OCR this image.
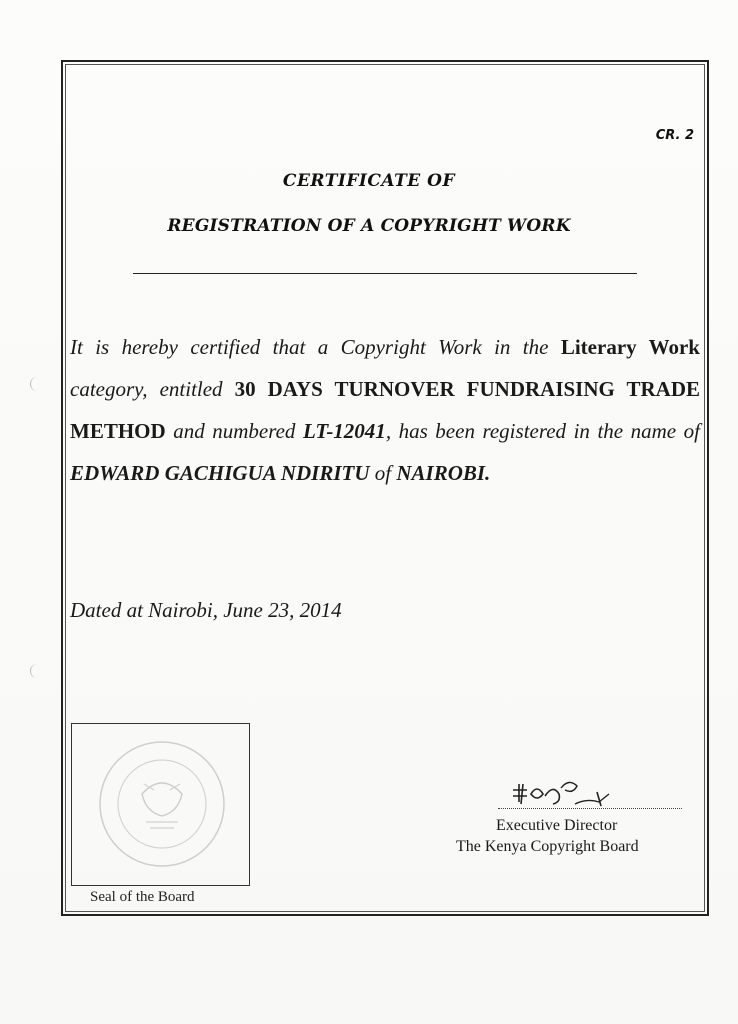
CR. 2
CERTIFICATE OF
REGISTRATION OF A COPYRIGHT WORK
It is hereby certified that a Copyright Work in the Literary Work category, entitled 30 DAYS TURNOVER FUNDRAISING TRADE METHOD and numbered LT-12041, has been registered in the name of EDWARD GACHIGUA NDIRITU of NAIROBI.
Dated at Nairobi, June 23, 2014
Seal of the Board
Executive Director
The Kenya Copyright Board
